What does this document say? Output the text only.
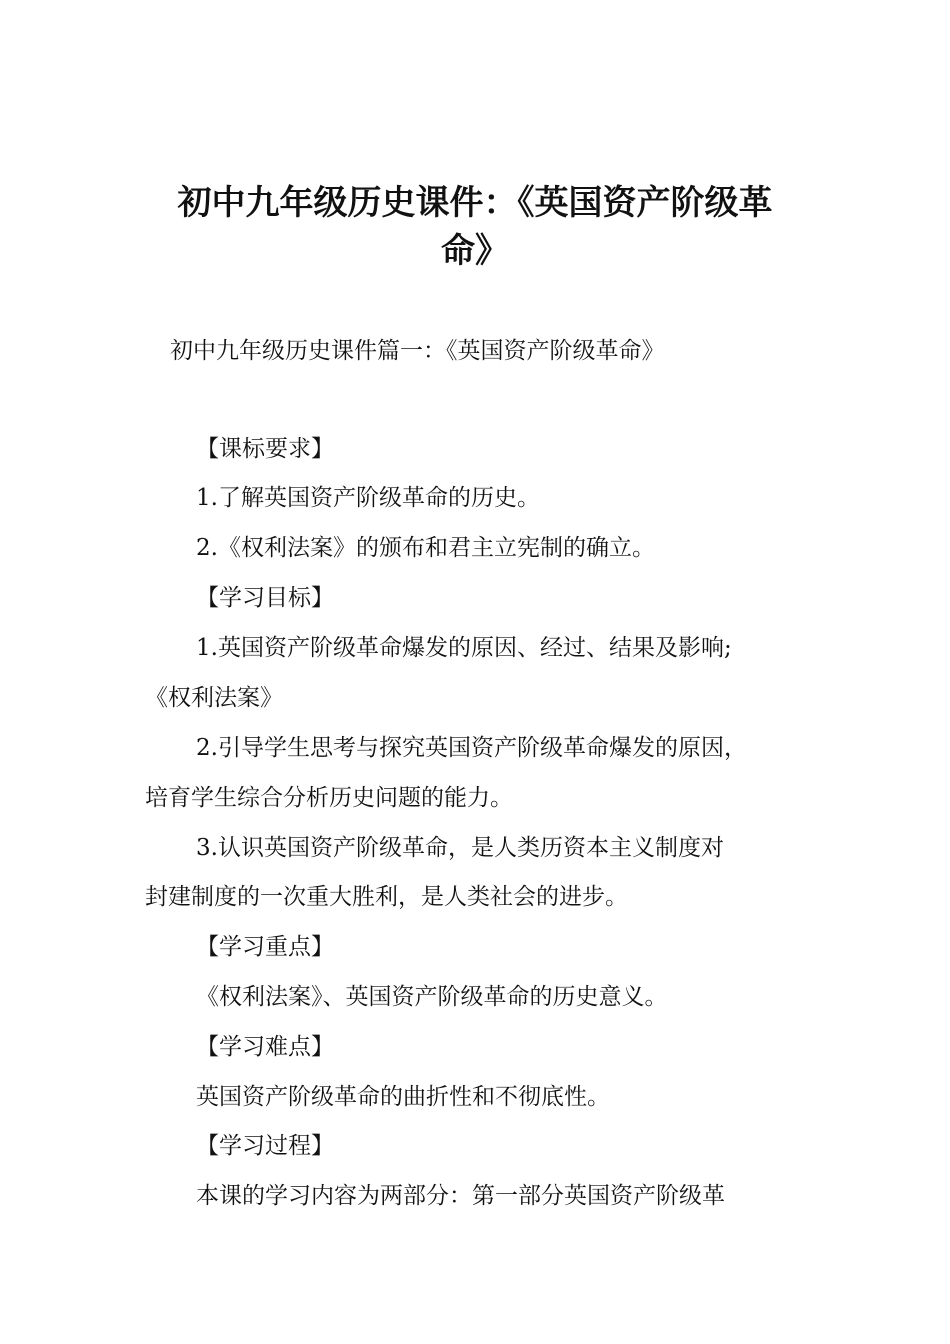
初中九年级历史课件：《英国资产阶级革
命》

初中九年级历史课件篇一：《英国资产阶级革命》

【课标要求】

1.了解英国资产阶级革命的历史。

2.《权利法案》的颁布和君主立宪制的确立。

【学习目标】

1.英国资产阶级革命爆发的原因、经过、结果及影响;

《权利法案》

2.引导学生思考与探究英国资产阶级革命爆发的原因，

培育学生综合分析历史问题的能力。

3.认识英国资产阶级革命，是人类历资本主义制度对

封建制度的一次重大胜利，是人类社会的进步。

【学习重点】

《权利法案》、英国资产阶级革命的历史意义。

【学习难点】

英国资产阶级革命的曲折性和不彻底性。

【学习过程】

本课的学习内容为两部分：第一部分英国资产阶级革
